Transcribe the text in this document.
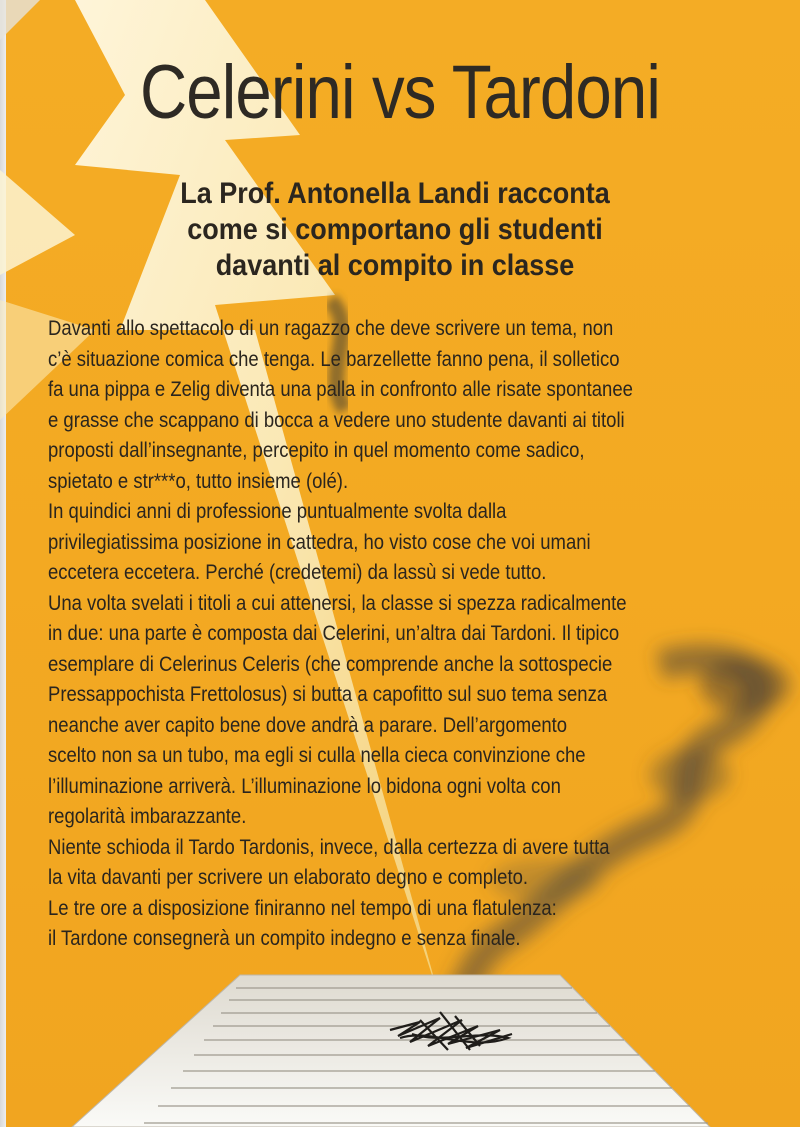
Celerini vs Tardoni
La Prof. Antonella Landi racconta
come si comportano gli studenti
davanti al compito in classe
Davanti allo spettacolo di un ragazzo che deve scrivere un tema, non
c’è situazione comica che tenga. Le barzellette fanno pena, il solletico
fa una pippa e Zelig diventa una palla in confronto alle risate spontanee
e grasse che scappano di bocca a vedere uno studente davanti ai titoli
proposti dall’insegnante, percepito in quel momento come sadico,
spietato e str***o, tutto insieme (olé).
In quindici anni di professione puntualmente svolta dalla
privilegiatissima posizione in cattedra, ho visto cose che voi umani
eccetera eccetera. Perché (credetemi) da lassù si vede tutto.
Una volta svelati i titoli a cui attenersi, la classe si spezza radicalmente
in due: una parte è composta dai Celerini, un’altra dai Tardoni. Il tipico
esemplare di Celerinus Celeris (che comprende anche la sottospecie
Pressappochista Frettolosus) si butta a capofitto sul suo tema senza
neanche aver capito bene dove andrà a parare. Dell’argomento
scelto non sa un tubo, ma egli si culla nella cieca convinzione che
l’illuminazione arriverà. L’illuminazione lo bidona ogni volta con
regolarità imbarazzante.
Niente schioda il Tardo Tardonis, invece, dalla certezza di avere tutta
la vita davanti per scrivere un elaborato degno e completo.
Le tre ore a disposizione finiranno nel tempo di una flatulenza:
il Tardone consegnerà un compito indegno e senza finale.
